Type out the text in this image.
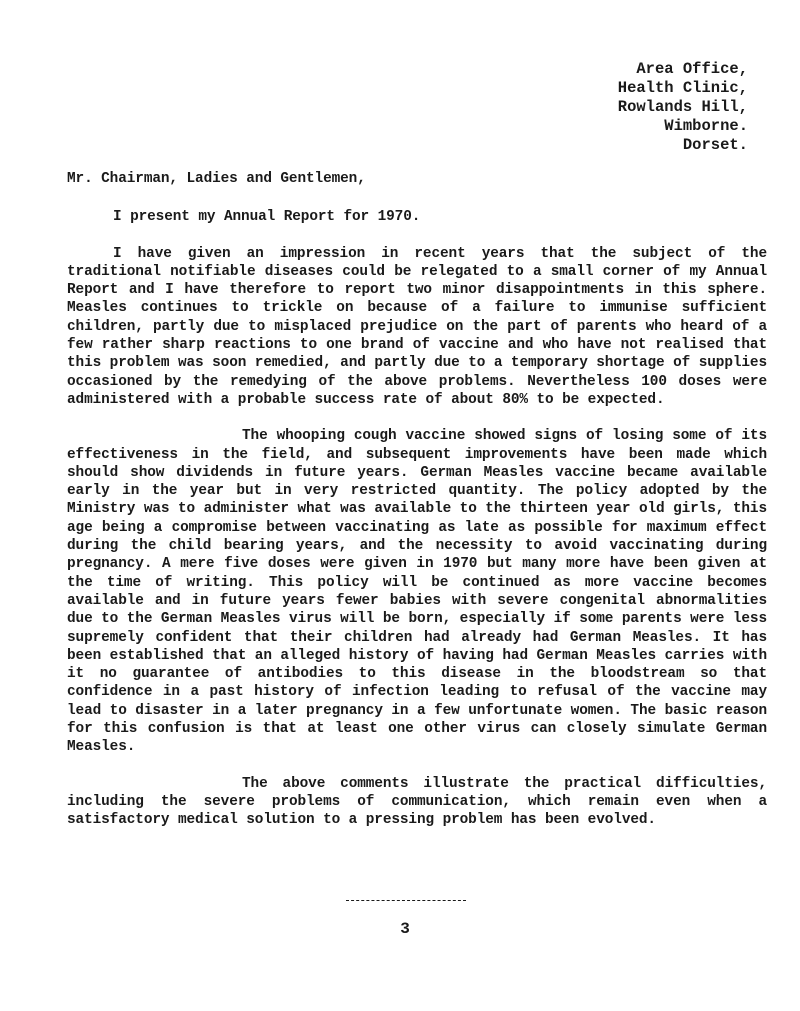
Area Office,
Health Clinic,
Rowlands Hill,
Wimborne.
Dorset.
Mr. Chairman, Ladies and Gentlemen,

I present my Annual Report for 1970.

I have given an impression in recent years that the subject of the traditional notifiable diseases could be relegated to a small corner of my Annual Report and I have therefore to report two minor disappointments in this sphere. Measles continues to trickle on because of a failure to immunise sufficient children, partly due to misplaced prejudice on the part of parents who heard of a few rather sharp reactions to one brand of vaccine and who have not realised that this problem was soon remedied, and partly due to a temporary shortage of supplies occasioned by the remedying of the above problems. Nevertheless 100 doses were administered with a probable success rate of about 80% to be expected.

The whooping cough vaccine showed signs of losing some of its effectiveness in the field, and subsequent improvements have been made which should show dividends in future years. German Measles vaccine became available early in the year but in very restricted quantity. The policy adopted by the Ministry was to administer what was available to the thirteen year old girls, this age being a compromise between vaccinating as late as possible for maximum effect during the child bearing years, and the necessity to avoid vaccinating during pregnancy. A mere five doses were given in 1970 but many more have been given at the time of writing. This policy will be continued as more vaccine becomes available and in future years fewer babies with severe congenital abnormalities due to the German Measles virus will be born, especially if some parents were less supremely confident that their children had already had German Measles. It has been established that an alleged history of having had German Measles carries with it no guarantee of antibodies to this disease in the bloodstream so that confidence in a past history of infection leading to refusal of the vaccine may lead to disaster in a later pregnancy in a few unfortunate women. The basic reason for this confusion is that at least one other virus can closely simulate German Measles.

The above comments illustrate the practical difficulties, including the severe problems of communication, which remain even when a satisfactory medical solution to a pressing problem has been evolved.

3
